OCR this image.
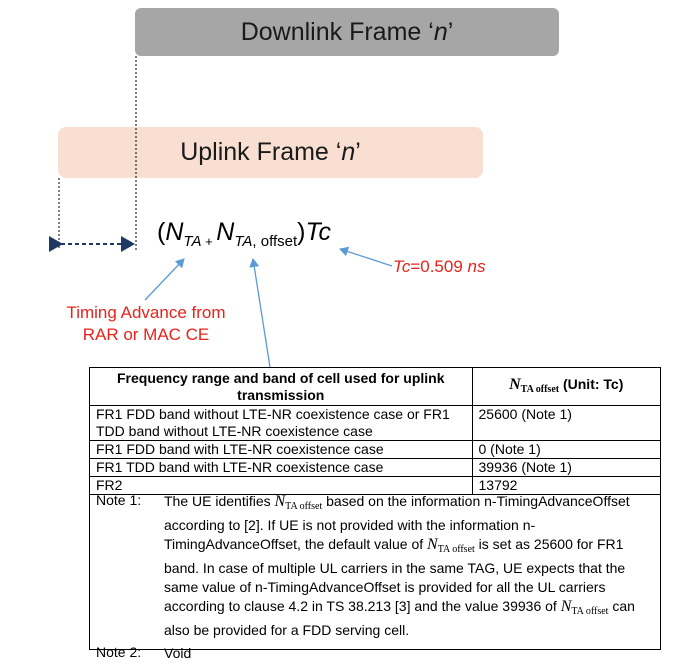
Downlink Frame ‘n’
Uplink Frame ‘n’
($N_{TA}$ $_+$ $N_{TA, offset})Tc$
Tc=0.509 ns
Timing Advance from
RAR or MAC CE
Frequency range and band of cell used for uplink transmission	$N_{TA offset}$ (Unit: Tc)
FR1 FDD band without LTE-NR coexistence case or FR1 TDD band without LTE-NR coexistence case	25600 (Note 1)
FR1 FDD band with LTE-NR coexistence case	0 (Note 1)
FR1 TDD band with LTE-NR coexistence case	39936 (Note 1)
FR2	13792
Note 1:	The UE identifies $N_{TA offset}$ based on the information n-TimingAdvanceOffset according to [2]. If UE is not provided with the information n-TimingAdvanceOffset, the default value of $N_{TA offset}$ is set as 25600 for FR1 band. In case of multiple UL carriers in the same TAG, UE expects that the same value of n-TimingAdvanceOffset is provided for all the UL carriers according to clause 4.2 in TS 38.213 [3] and the value 39936 of $N_{TA offset}$ can also be provided for a FDD serving cell.
Note 2:	Void
